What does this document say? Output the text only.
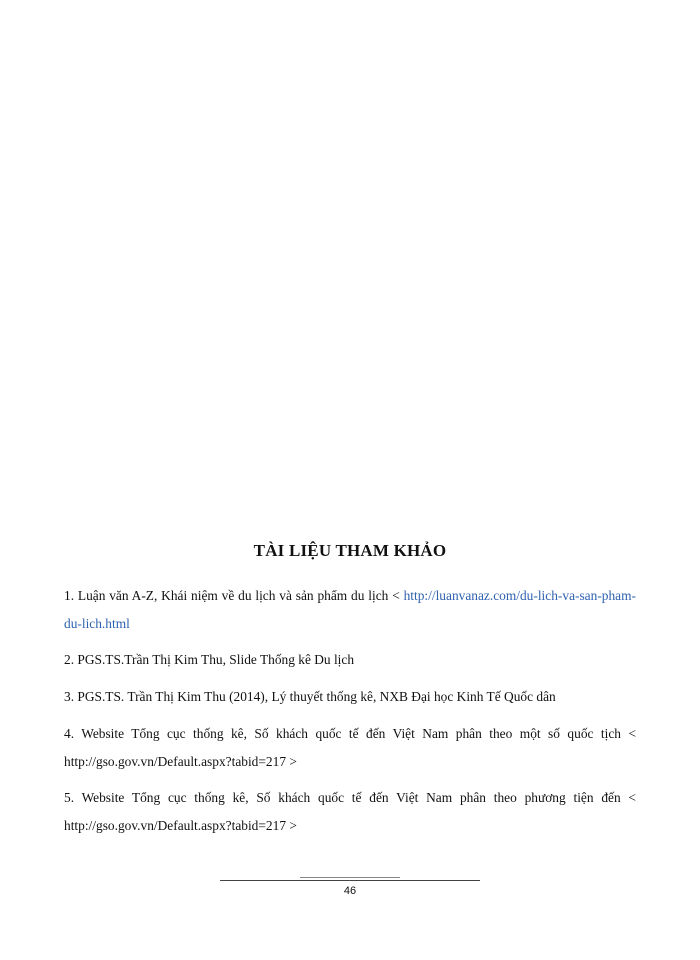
TÀI LIỆU THAM KHẢO
1. Luận văn A-Z, Khái niệm về du lịch và sản phẩm du lịch < http://luanvanaz.com/du-lich-va-san-pham-du-lich.html
2. PGS.TS.Trần Thị Kim Thu, Slide Thống kê Du lịch
3. PGS.TS. Trần Thị Kim Thu (2014), Lý thuyết thống kê, NXB Đại học Kinh Tế Quốc dân
4. Website Tổng cục thống kê, Số khách quốc tế đến Việt Nam phân theo một số quốc tịch < http://gso.gov.vn/Default.aspx?tabid=217 >
5. Website Tổng cục thống kê, Số khách quốc tế đến Việt Nam phân theo phương tiện đến < http://gso.gov.vn/Default.aspx?tabid=217 >
46
